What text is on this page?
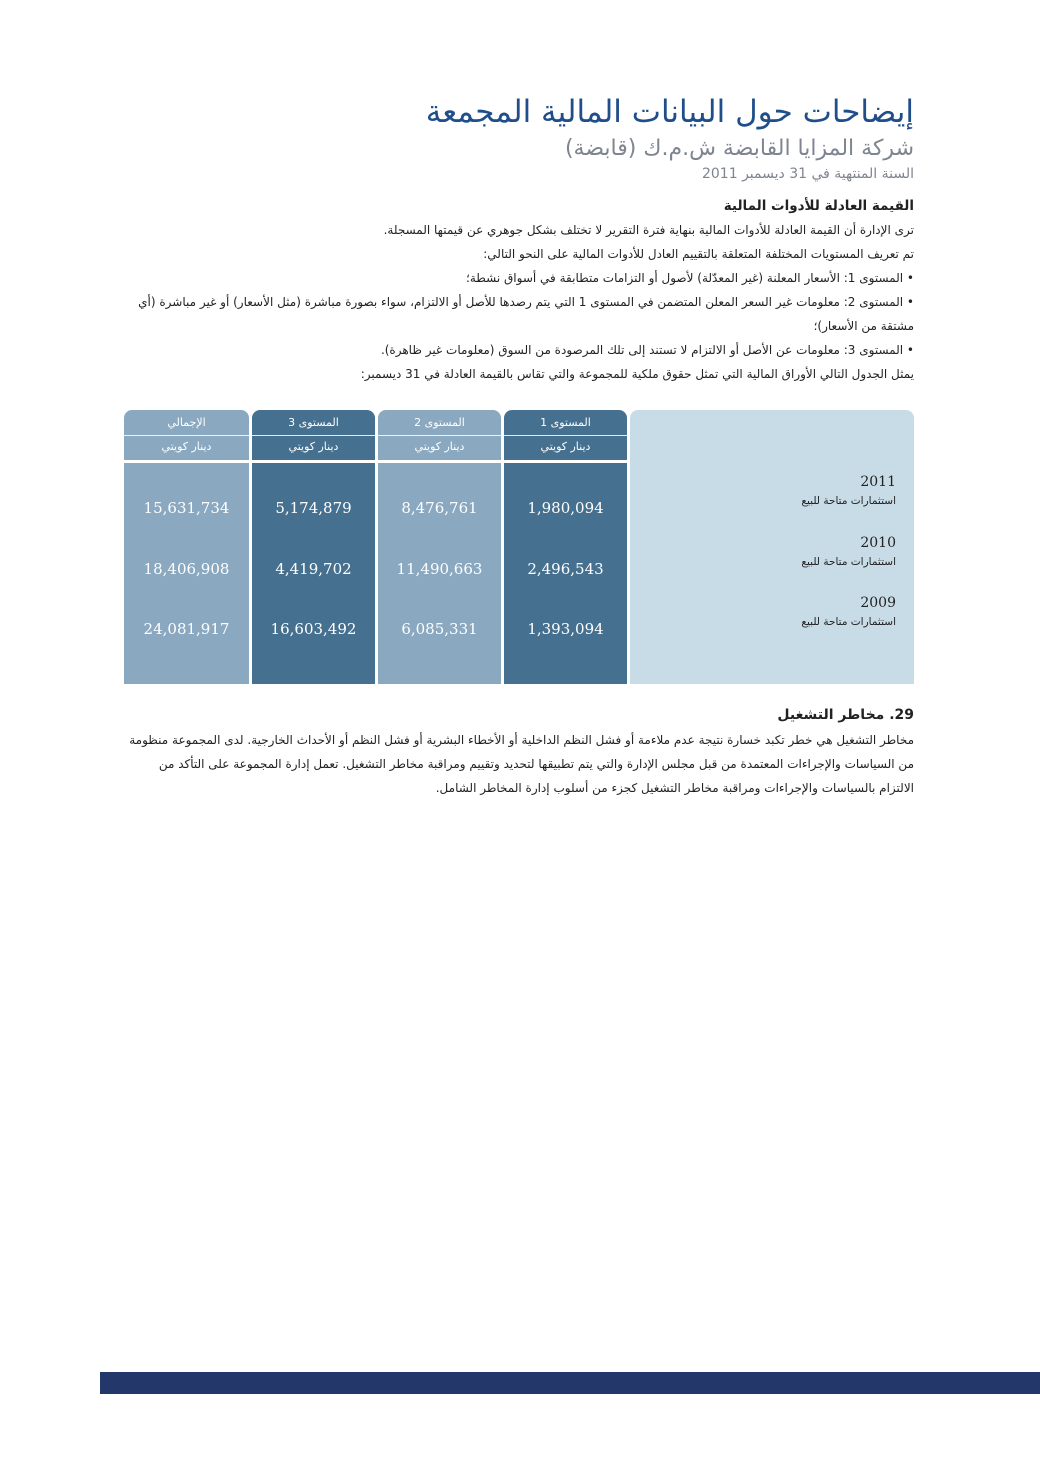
إيضاحات حول البيانات المالية المجمعة
شركة المزايا القابضة ش.م.ك (قابضة)
السنة المنتهية في 31 ديسمبر 2011
القيمة العادلة للأدوات المالية
ترى الإدارة أن القيمة العادلة للأدوات المالية بنهاية فترة التقرير لا تختلف بشكل جوهري عن قيمتها المسجلة.
تم تعريف المستويات المختلفة المتعلقة بالتقييم العادل للأدوات المالية على النحو التالي:
• المستوى 1: الأسعار المعلنة (غير المعدّلة) لأصول أو التزامات متطابقة في أسواق نشطة؛
• المستوى 2: معلومات غير السعر المعلن المتضمن في المستوى 1 التي يتم رصدها للأصل أو الالتزام، سواء بصورة مباشرة (مثل الأسعار) أو غير مباشرة (أي مشتقة من الأسعار)؛
• المستوى 3: معلومات عن الأصل أو الالتزام لا تستند إلى تلك المرصودة من السوق (معلومات غير ظاهرة).
يمثل الجدول التالي الأوراق المالية التي تمثل حقوق ملكية للمجموعة والتي تقاس بالقيمة العادلة في 31 ديسمبر:
2011
استثمارات متاحة للبيع
2010
استثمارات متاحة للبيع
2009
استثمارات متاحة للبيع
المستوى 1
دينار كويتي
1,980,094
2,496,543
1,393,094
المستوى 2
دينار كويتي
8,476,761
11,490,663
6,085,331
المستوى 3
دينار كويتي
5,174,879
4,419,702
16,603,492
الإجمالي
دينار كويتي
15,631,734
18,406,908
24,081,917
29. مخاطر التشغيل
مخاطر التشغيل هي خطر تكبد خسارة نتيجة عدم ملاءمة أو فشل النظم الداخلية أو الأخطاء البشرية أو فشل النظم أو الأحداث الخارجية. لدى المجموعة منظومة من السياسات والإجراءات المعتمدة من قبل مجلس الإدارة والتي يتم تطبيقها لتحديد وتقييم ومراقبة مخاطر التشغيل. تعمل إدارة المجموعة على التأكد من الالتزام بالسياسات والإجراءات ومراقبة مخاطر التشغيل كجزء من أسلوب إدارة المخاطر الشامل.
